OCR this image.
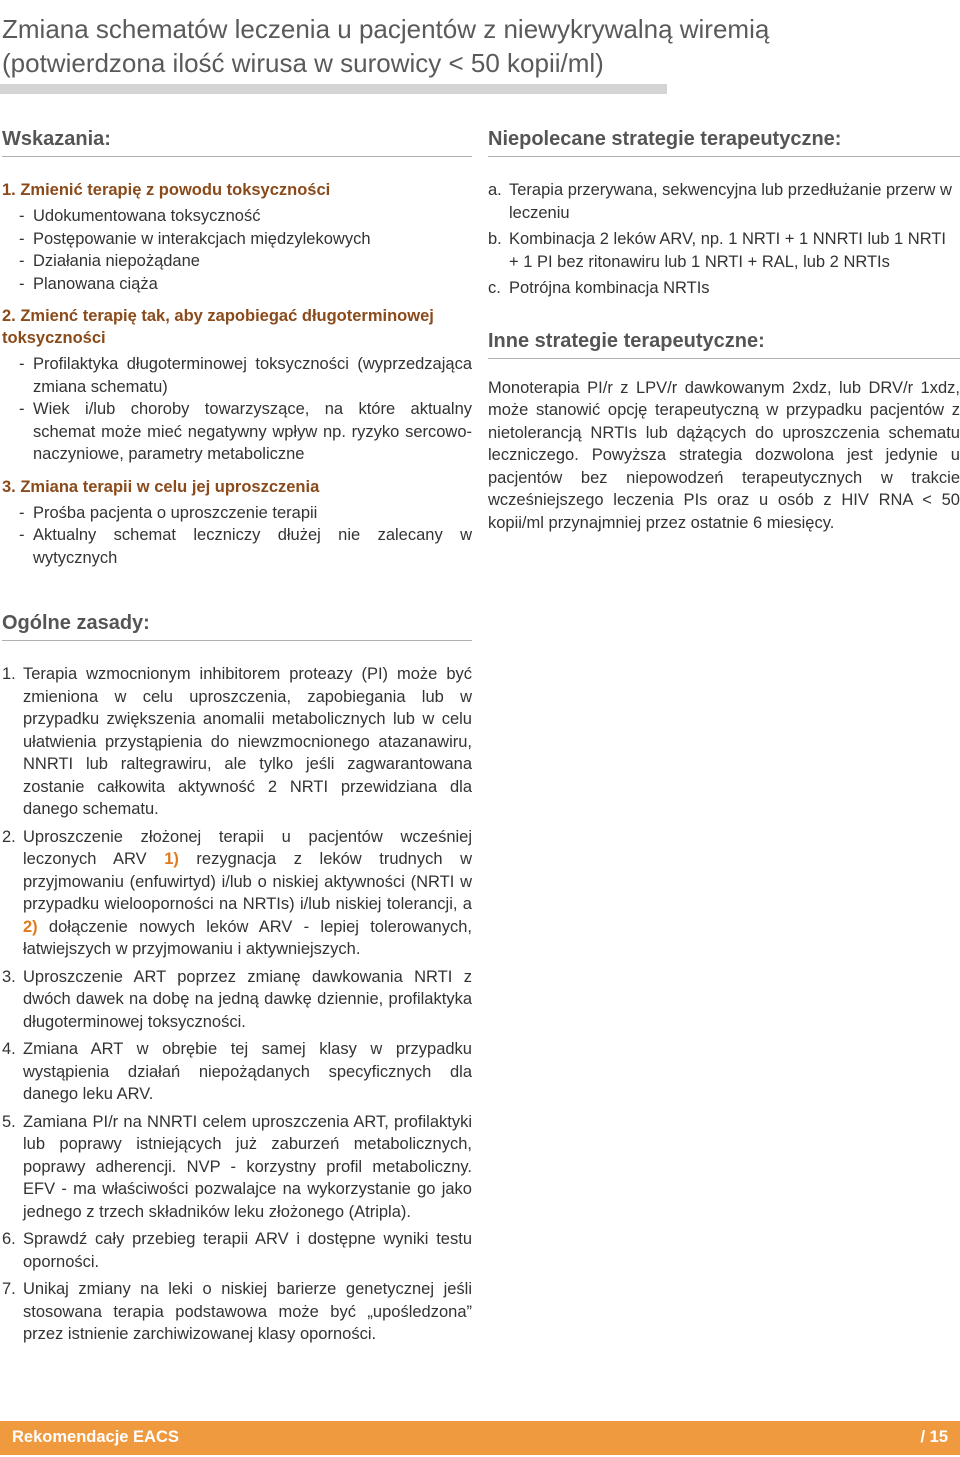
Zmiana schematów leczenia u pacjentów z niewykrywalną wiremią
(potwierdzona ilość wirusa w surowicy < 50 kopii/ml)
Wskazania:

1. Zmienić terapię z powodu toksyczności

- Udokumentowana toksyczność
- Postępowanie w interakcjach międzylekowych
- Działania niepożądane
- Planowana ciąża

2. Zmienć terapię tak, aby zapobiegać długoterminowej toksyczności

- Profilaktyka długoterminowej toksyczności (wyprzedzająca zmiana schematu)
- Wiek i/lub choroby towarzyszące, na które aktualny schemat może mieć negatywny wpływ np. ryzyko sercowo-naczyniowe, parametry metaboliczne

3. Zmiana terapii w celu jej uproszczenia

- Prośba pacjenta o uproszczenie terapii
- Aktualny schemat leczniczy dłużej nie zalecany w wytycznych
Niepolecane strategie terapeutyczne:
a. Terapia przerywana, sekwencyjna lub przedłużanie przerw w leczeniu
b. Kombinacja 2 leków ARV, np. 1 NRTI + 1 NNRTI lub 1 NRTI + 1 PI bez ritonawiru lub 1 NRTI + RAL, lub 2 NRTIs
c. Potrójna kombinacja NRTIs
Inne strategie terapeutyczne:

Monoterapia PI/r z LPV/r dawkowanym 2xdz, lub DRV/r 1xdz, może stanowić opcję terapeutyczną w przypadku pacjentów z nietolerancją NRTIs lub dążących do uproszczenia schematu leczniczego. Powyższa strategia dozwolona jest jedynie u pacjentów bez niepowodzeń terapeutycznych w trakcie wcześniejszego leczenia PIs oraz u osób z HIV RNA < 50 kopii/ml przynajmniej przez ostatnie 6 miesięcy.

Ogólne zasady:
1. Terapia wzmocnionym inhibitorem proteazy (PI) może być zmieniona w celu uproszczenia, zapobiegania lub w przypadku zwiększenia anomalii metabolicznych lub w celu ułatwienia przystąpienia do niewzmocnionego atazanawiru, NNRTI lub raltegrawiru, ale tylko jeśli zagwarantowana zostanie całkowita aktywność 2 NRTI przewidziana dla danego schematu.
2. Uproszczenie złożonej terapii u pacjentów wcześniej leczonych ARV 1) rezygnacja z leków trudnych w przyjmowaniu (enfuwirtyd) i/lub o niskiej aktywności (NRTI w przypadku wielooporności na NRTIs) i/lub niskiej tolerancji, a 2) dołączenie nowych leków ARV - lepiej tolerowanych, łatwiejszych w przyjmowaniu i aktywniejszych.
3. Uproszczenie ART poprzez zmianę dawkowania NRTI z dwóch dawek na dobę na jedną dawkę dziennie, profilaktyka długoterminowej toksyczności.
4. Zmiana ART w obrębie tej samej klasy w przypadku wystąpienia działań niepożądanych specyficznych dla danego leku ARV.
5. Zamiana PI/r na NNRTI celem uproszczenia ART, profilaktyki lub poprawy istniejących już zaburzeń metabolicznych, poprawy adherencji. NVP - korzystny profil metaboliczny. EFV - ma właściwości pozwalajce na wykorzystanie go jako jednego z trzech składników leku złożonego (Atripla).
6. Sprawdź cały przebieg terapii ARV i dostępne wyniki testu oporności.
7. Unikaj zmiany na leki o niskiej barierze genetycznej jeśli stosowana terapia podstawowa może być „upośledzona” przez istnienie zarchiwizowanej klasy oporności.
Rekomendacje EACS	/ 15
